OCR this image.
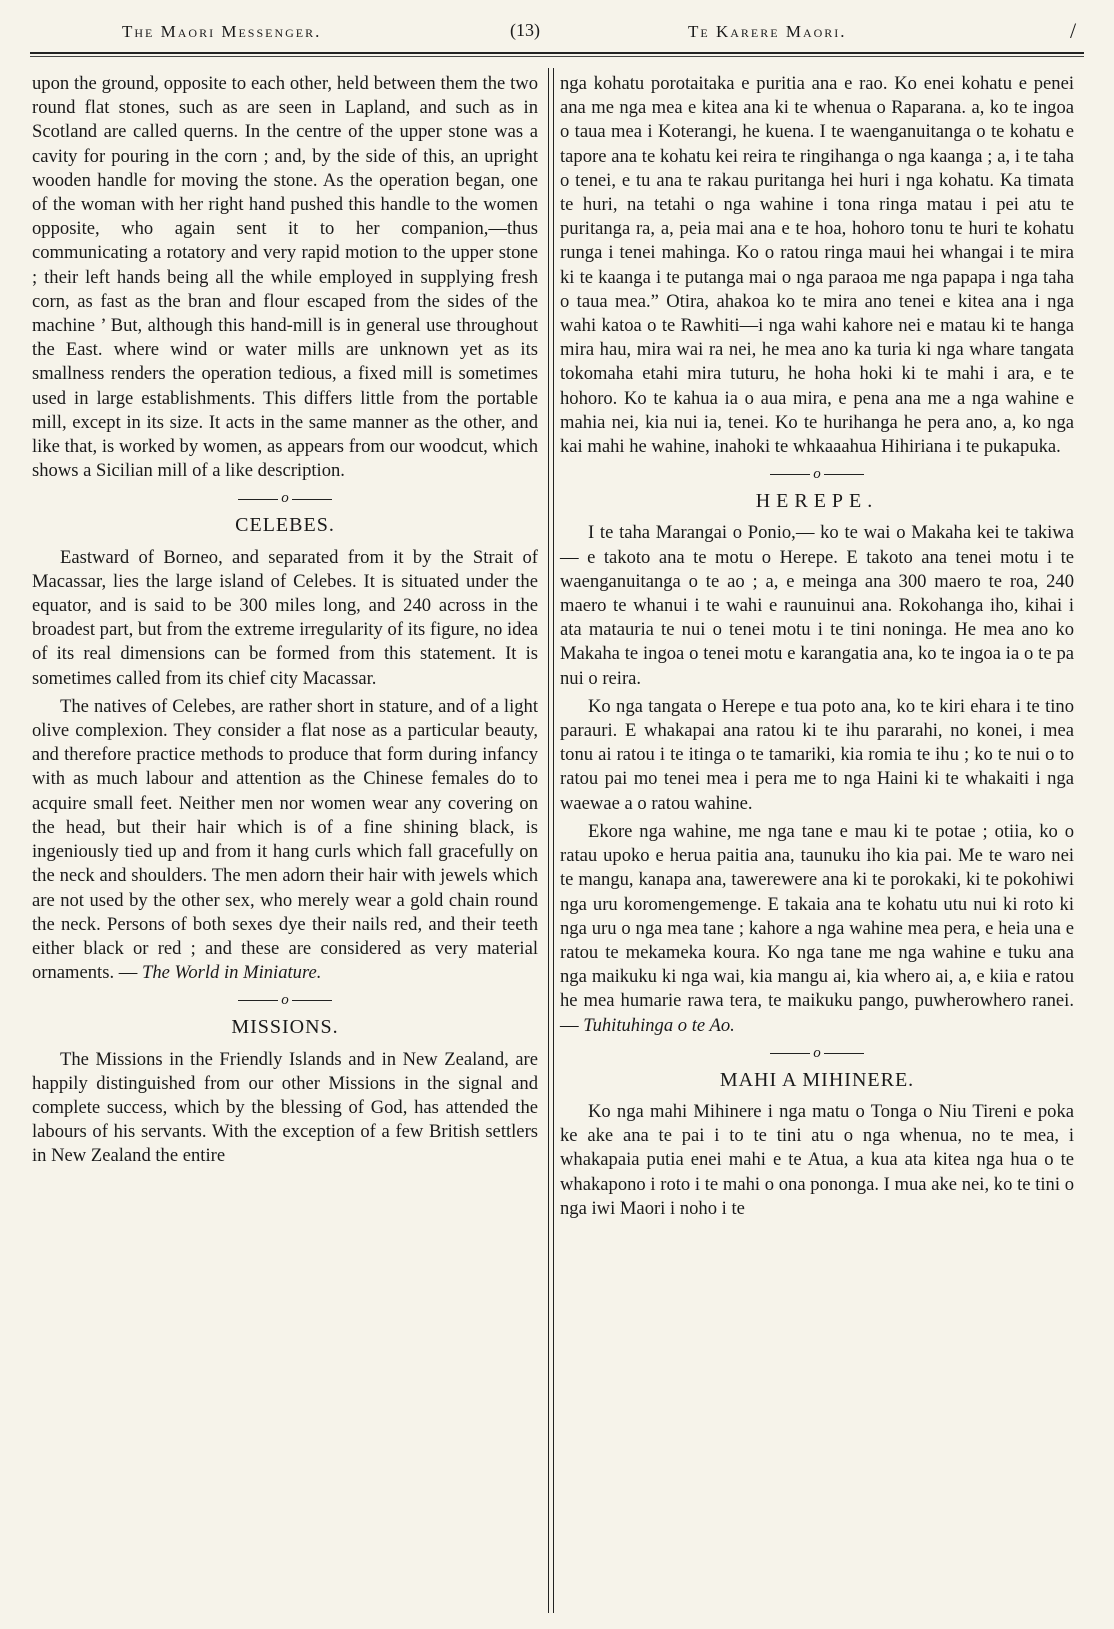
The Maori Messenger.	(13)	Te Karere Maori.	/

upon the ground, opposite to each other, held between them the two round flat stones, such as are seen in Lapland, and such as in Scotland are called querns. In the centre of the upper stone was a cavity for pouring in the corn ; and, by the side of this, an upright wooden handle for moving the stone. As the operation began, one of the woman with her right hand pushed this handle to the women opposite, who again sent it to her companion,—thus communicating a rotatory and very rapid motion to the upper stone ; their left hands being all the while employed in supplying fresh corn, as fast as the bran and flour escaped from the sides of the machine ’ But, although this hand-mill is in general use throughout the East. where wind or water mills are unknown yet as its smallness renders the operation tedious, a fixed mill is sometimes used in large establishments. This differs little from the portable mill, except in its size. It acts in the same manner as the other, and like that, is worked by women, as appears from our woodcut, which shows a Sicilian mill of a like description.

o
CELEBES.

Eastward of Borneo, and separated from it by the Strait of Macassar, lies the large island of Celebes. It is situated under the equator, and is said to be 300 miles long, and 240 across in the broadest part, but from the extreme irregularity of its figure, no idea of its real dimensions can be formed from this statement. It is sometimes called from its chief city Macassar.

The natives of Celebes, are rather short in stature, and of a light olive complexion. They consider a flat nose as a particular beauty, and therefore practice methods to produce that form during infancy with as much labour and attention as the Chinese females do to acquire small feet. Neither men nor women wear any covering on the head, but their hair which is of a fine shining black, is ingeniously tied up and from it hang curls which fall gracefully on the neck and shoulders. The men adorn their hair with jewels which are not used by the other sex, who merely wear a gold chain round the neck. Persons of both sexes dye their nails red, and their teeth either black or red ; and these are considered as very material ornaments. — The World in Miniature.

o
MISSIONS.

The Missions in the Friendly Islands and in New Zealand, are happily distinguished from our other Missions in the signal and complete success, which by the blessing of God, has attended the labours of his servants. With the exception of a few British settlers in New Zealand the entire

nga kohatu porotaitaka e puritia ana e rao. Ko enei kohatu e penei ana me nga mea e kitea ana ki te whenua o Raparana. a, ko te ingoa o taua mea i Koterangi, he kuena. I te waenganuitanga o te kohatu e tapore ana te kohatu kei reira te ringihanga o nga kaanga ; a, i te taha o tenei, e tu ana te rakau puritanga hei huri i nga kohatu. Ka timata te huri, na tetahi o nga wahine i tona ringa matau i pei atu te puritanga ra, a, peia mai ana e te hoa, hohoro tonu te huri te kohatu runga i tenei mahinga. Ko o ratou ringa maui hei whangai i te mira ki te kaanga i te putanga mai o nga paraoa me nga papapa i nga taha o taua mea.” Otira, ahakoa ko te mira ano tenei e kitea ana i nga wahi katoa o te Rawhiti—i nga wahi kahore nei e matau ki te hanga mira hau, mira wai ra nei, he mea ano ka turia ki nga whare tangata tokomaha etahi mira tuturu, he hoha hoki ki te mahi i ara, e te hohoro. Ko te kahua ia o aua mira, e pena ana me a nga wahine e mahia nei, kia nui ia, tenei. Ko te hurihanga he pera ano, a, ko nga kai mahi he wahine, inahoki te whkaaahua Hihiriana i te pukapuka.

o
HEREPE.

I te taha Marangai o Ponio,— ko te wai o Makaha kei te takiwa — e takoto ana te motu o Herepe. E takoto ana tenei motu i te waenganuitanga o te ao ; a, e meinga ana 300 maero te roa, 240 maero te whanui i te wahi e raunuinui ana. Rokohanga iho, kihai i ata matauria te nui o tenei motu i te tini noninga. He mea ano ko Makaha te ingoa o tenei motu e karangatia ana, ko te ingoa ia o te pa nui o reira.

Ko nga tangata o Herepe e tua poto ana, ko te kiri ehara i te tino parauri. E whakapai ana ratou ki te ihu pararahi, no konei, i mea tonu ai ratou i te itinga o te tamariki, kia romia te ihu ; ko te nui o to ratou pai mo tenei mea i pera me to nga Haini ki te whakaiti i nga waewae a o ratou wahine.

Ekore nga wahine, me nga tane e mau ki te potae ; otiia, ko o ratau upoko e herua paitia ana, taunuku iho kia pai. Me te waro nei te mangu, kanapa ana, tawerewere ana ki te porokaki, ki te pokohiwi nga uru koromengemenge. E takaia ana te kohatu utu nui ki roto ki nga uru o nga mea tane ; kahore a nga wahine mea pera, e heia una e ratou te mekameka koura. Ko nga tane me nga wahine e tuku ana nga maikuku ki nga wai, kia mangu ai, kia whero ai, a, e kiia e ratou he mea humarie rawa tera, te maikuku pango, puwherowhero ranei.— Tuhituhinga o te Ao.

o
MAHI A MIHINERE.

Ko nga mahi Mihinere i nga matu o Tonga o Niu Tireni e poka ke ake ana te pai i to te tini atu o nga whenua, no te mea, i whakapaia putia enei mahi e te Atua, a kua ata kitea nga hua o te whakapono i roto i te mahi o ona pononga. I mua ake nei, ko te tini o nga iwi Maori i noho i te
